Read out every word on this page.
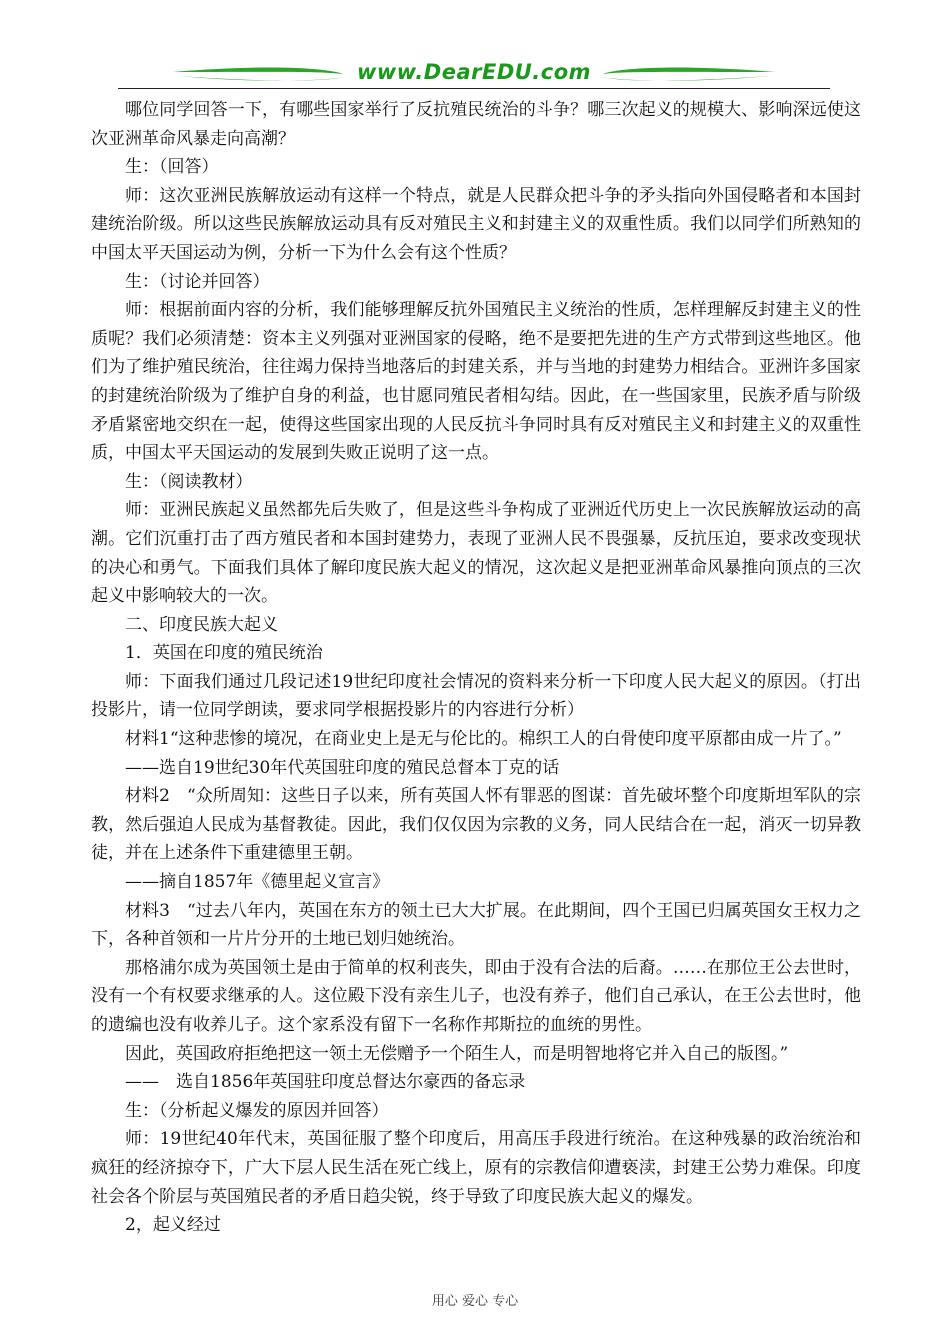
www.DearEDU.com

哪位同学回答一下，有哪些国家举行了反抗殖民统治的斗争？哪三次起义的规模大、影响深远使这次亚洲革命风暴走向高潮？

生：（回答）

师：这次亚洲民族解放运动有这样一个特点，就是人民群众把斗争的矛头指向外国侵略者和本国封建统治阶级。所以这些民族解放运动具有反对殖民主义和封建主义的双重性质。我们以同学们所熟知的中国太平天国运动为例，分析一下为什么会有这个性质？

生：（讨论并回答）

师：根据前面内容的分析，我们能够理解反抗外国殖民主义统治的性质，怎样理解反封建主义的性质呢？我们必须清楚：资本主义列强对亚洲国家的侵略，绝不是要把先进的生产方式带到这些地区。他们为了维护殖民统治，往往竭力保持当地落后的封建关系，并与当地的封建势力相结合。亚洲许多国家的封建统治阶级为了维护自身的利益，也甘愿同殖民者相勾结。因此，在一些国家里，民族矛盾与阶级矛盾紧密地交织在一起，使得这些国家出现的人民反抗斗争同时具有反对殖民主义和封建主义的双重性质，中国太平天国运动的发展到失败正说明了这一点。

生：（阅读教材）

师：亚洲民族起义虽然都先后失败了，但是这些斗争构成了亚洲近代历史上一次民族解放运动的高潮。它们沉重打击了西方殖民者和本国封建势力，表现了亚洲人民不畏强暴，反抗压迫，要求改变现状的决心和勇气。下面我们具体了解印度民族大起义的情况，这次起义是把亚洲革命风暴推向顶点的三次起义中影响较大的一次。

二、印度民族大起义

1．英国在印度的殖民统治

师：下面我们通过几段记述19世纪印度社会情况的资料来分析一下印度人民大起义的原因。（打出投影片，请一位同学朗读，要求同学根据投影片的内容进行分析）

材料1“这种悲惨的境况，在商业史上是无与伦比的。棉织工人的白骨使印度平原都由成一片了。”

——选自19世纪30年代英国驻印度的殖民总督本丁克的话

材料2　“众所周知：这些日子以来，所有英国人怀有罪恶的图谋：首先破坏整个印度斯坦军队的宗教，然后强迫人民成为基督教徒。因此，我们仅仅因为宗教的义务，同人民结合在一起，消灭一切异教徒，并在上述条件下重建德里王朝。

——摘自1857年《德里起义宣言》

材料3　“过去八年内，英国在东方的领土已大大扩展。在此期间，四个王国已归属英国女王权力之下，各种首领和一片片分开的土地已划归她统治。

那格浦尔成为英国领土是由于简单的权利丧失，即由于没有合法的后裔。……在那位王公去世时，没有一个有权要求继承的人。这位殿下没有亲生儿子，也没有养子，他们自己承认，在王公去世时，他的遗编也没有收养儿子。这个家系没有留下一名称作邦斯拉的血统的男性。

因此，英国政府拒绝把这一领土无偿赠予一个陌生人，而是明智地将它并入自己的版图。”

——　选自1856年英国驻印度总督达尔豪西的备忘录

生：（分析起义爆发的原因并回答）

师：19世纪40年代末，英国征服了整个印度后，用高压手段进行统治。在这种残暴的政治统治和疯狂的经济掠夺下，广大下层人民生活在死亡线上，原有的宗教信仰遭亵渎，封建王公势力难保。印度社会各个阶层与英国殖民者的矛盾日趋尖锐，终于导致了印度民族大起义的爆发。

2，起义经过

用心 爱心 专心
